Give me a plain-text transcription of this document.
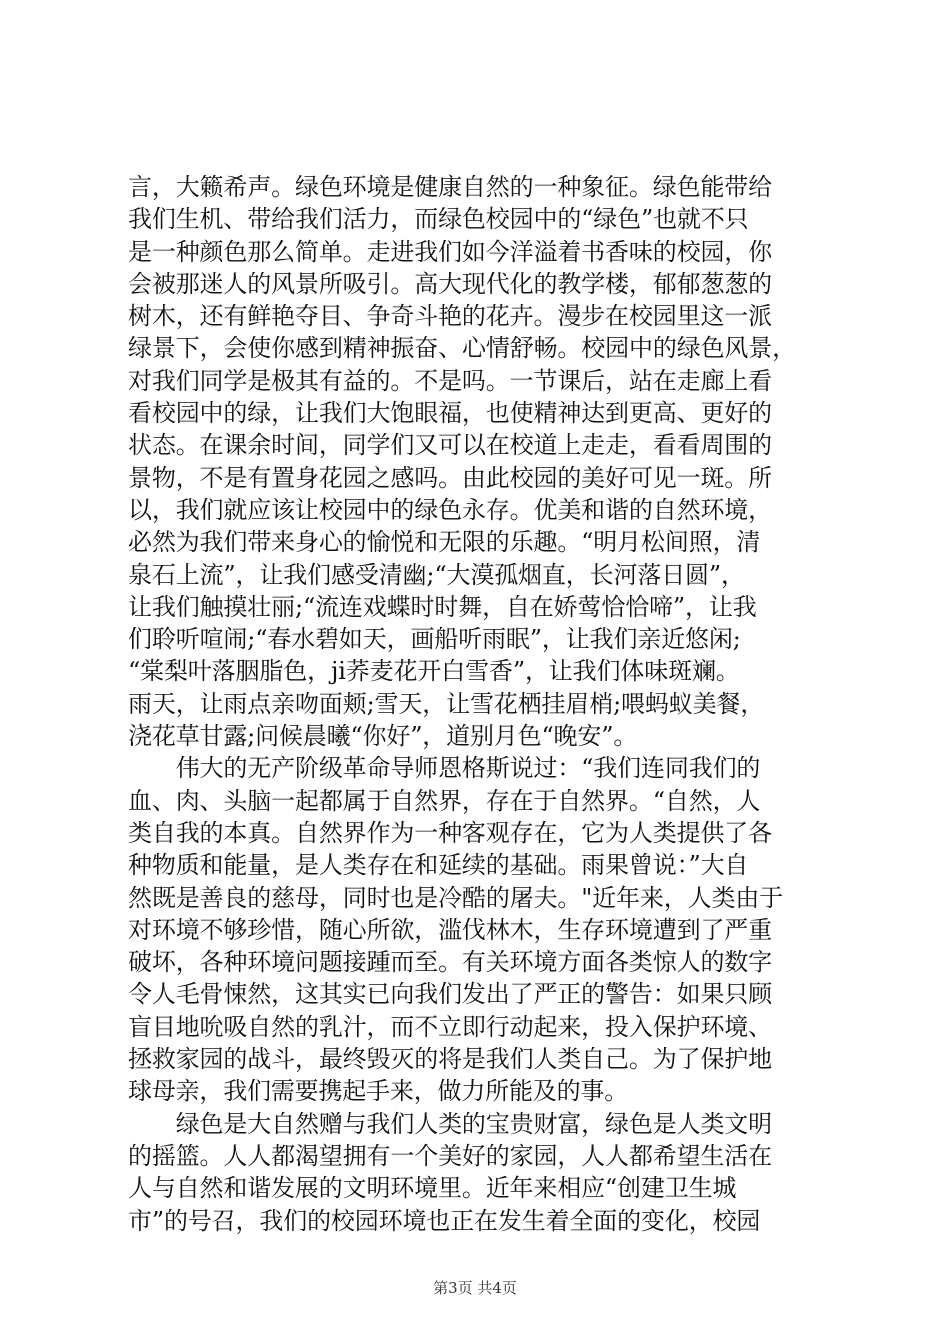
言，大籁希声。绿色环境是健康自然的一种象征。绿色能带给
我们生机、带给我们活力，而绿色校园中的“绿色”也就不只
是一种颜色那么简单。走进我们如今洋溢着书香味的校园，你
会被那迷人的风景所吸引。高大现代化的教学楼，郁郁葱葱的
树木，还有鲜艳夺目、争奇斗艳的花卉。漫步在校园里这一派
绿景下，会使你感到精神振奋、心情舒畅。校园中的绿色风景，
对我们同学是极其有益的。不是吗。一节课后，站在走廊上看
看校园中的绿，让我们大饱眼福，也使精神达到更高、更好的
状态。在课余时间，同学们又可以在校道上走走，看看周围的
景物，不是有置身花园之感吗。由此校园的美好可见一斑。所
以，我们就应该让校园中的绿色永存。优美和谐的自然环境，
必然为我们带来身心的愉悦和无限的乐趣。“明月松间照，清
泉石上流”，让我们感受清幽;“大漠孤烟直，长河落日圆”，
让我们触摸壮丽;“流连戏蝶时时舞，自在娇莺恰恰啼”，让我
们聆听喧闹;“春水碧如天，画船听雨眠”，让我们亲近悠闲;
“棠梨叶落胭脂色，ji荞麦花开白雪香”，让我们体味斑斓。
雨天，让雨点亲吻面颊;雪天，让雪花栖挂眉梢;喂蚂蚁美餐，
浇花草甘露;问候晨曦“你好”，道别月色“晚安”。
　　伟大的无产阶级革命导师恩格斯说过：“我们连同我们的
血、肉、头脑一起都属于自然界，存在于自然界。“自然，人
类自我的本真。自然界作为一种客观存在，它为人类提供了各
种物质和能量，是人类存在和延续的基础。雨果曾说：”大自
然既是善良的慈母，同时也是冷酷的屠夫。"近年来，人类由于
对环境不够珍惜，随心所欲，滥伐林木，生存环境遭到了严重
破坏，各种环境问题接踵而至。有关环境方面各类惊人的数字
令人毛骨悚然，这其实已向我们发出了严正的警告：如果只顾
盲目地吮吸自然的乳汁，而不立即行动起来，投入保护环境、
拯救家园的战斗，最终毁灭的将是我们人类自己。为了保护地
球母亲，我们需要携起手来，做力所能及的事。
　　绿色是大自然赠与我们人类的宝贵财富，绿色是人类文明
的摇篮。人人都渴望拥有一个美好的家园，人人都希望生活在
人与自然和谐发展的文明环境里。近年来相应“创建卫生城
市”的号召，我们的校园环境也正在发生着全面的变化，校园
第3页 共4页
